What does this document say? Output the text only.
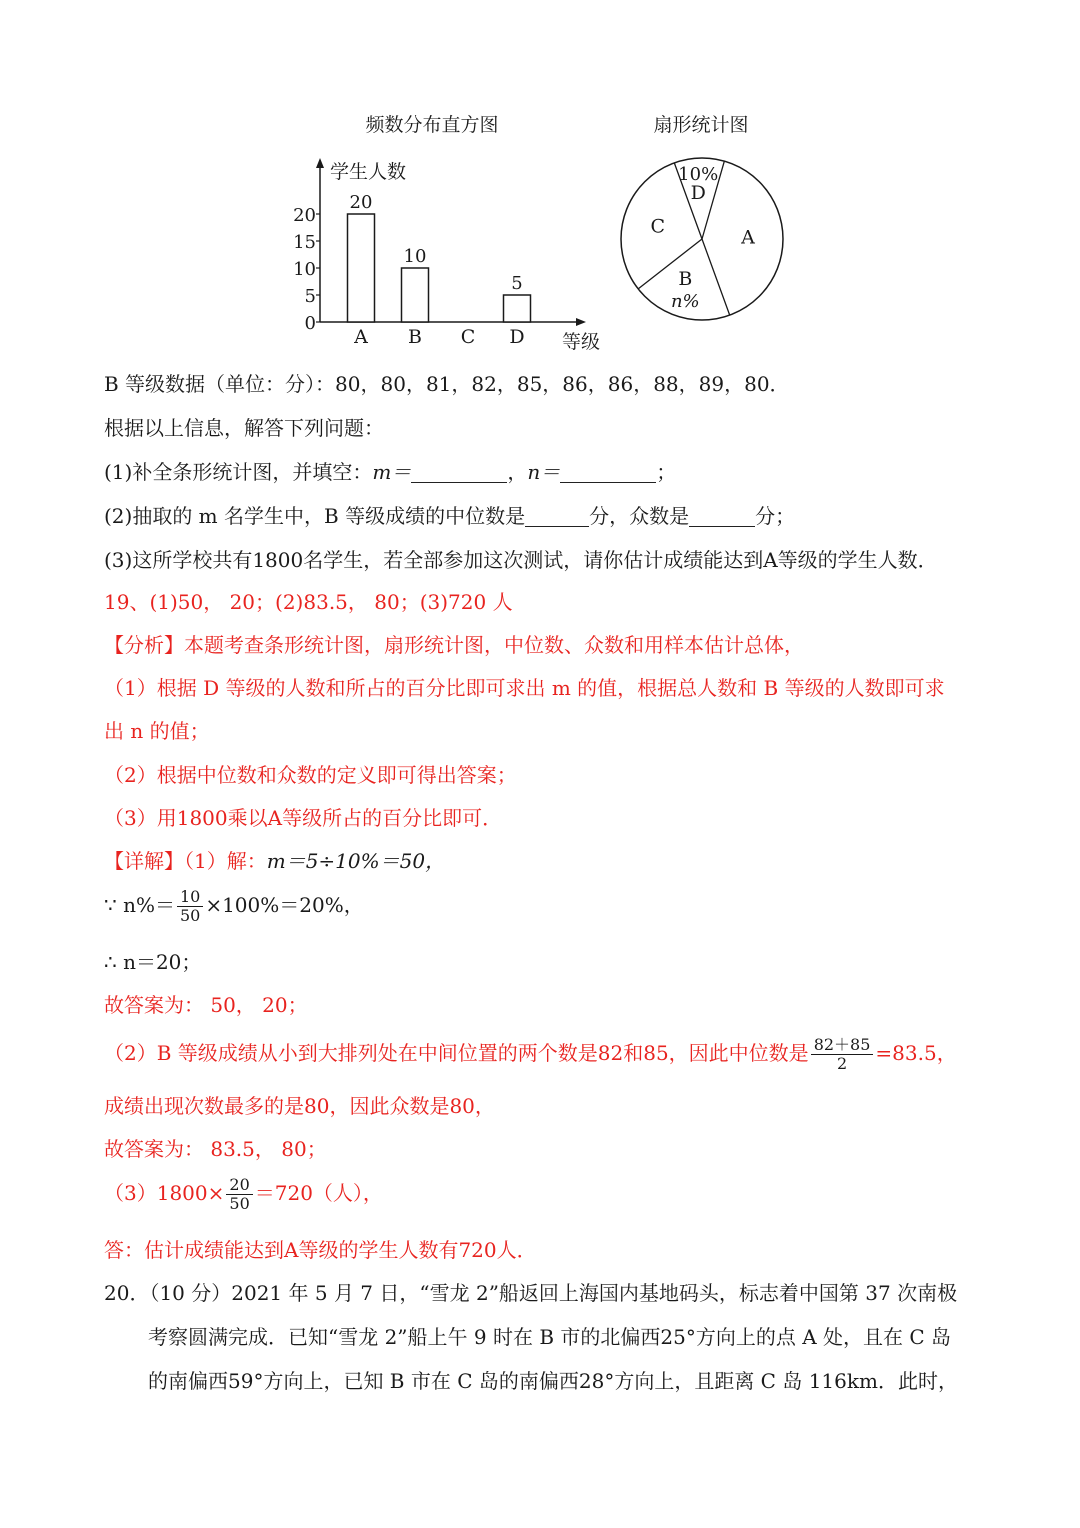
频数分布直方图
学生人数
等级
0
5
10
15
20
20
A
10
B C
5
D
扇形统计图
10%
D
A
B
n%
C

B 等级数据（单位：分）：80，80，81，82，85，86，86，88，89，80．

根据以上信息，解答下列问题：

(1)补全条形统计图，并填空：m＝	，n＝	；

(2)抽取的 m 名学生中，B 等级成绩的中位数是	分，众数是	分；

(3)这所学校共有1800名学生，若全部参加这次测试，请你估计成绩能达到A等级的学生人数．

19、(1)50， 20；(2)83.5， 80；(3)720 人

【分析】本题考查条形统计图，扇形统计图，中位数、众数和用样本估计总体，

（1）根据 D 等级的人数和所占的百分比即可求出 m 的值，根据总人数和 B 等级的人数即可求

出 n 的值；

（2）根据中位数和众数的定义即可得出答案；

（3）用1800乘以A等级所占的百分比即可．

【详解】（1）解：m＝5÷10%＝50，

∵ $n\%= \frac{10}{50} \times 100\%=20\%$，

∴ n＝20；

故答案为： 50， 20；

（2）B 等级成绩从小到大排列处在中间位置的两个数是82和85，因此中位数是 $\frac{82+85}{2} =83.5$，

成绩出现次数最多的是80，因此众数是80，

故答案为： 83.5， 80；

$(3)1800\times \frac{20}{50} =720$（人），

答：估计成绩能达到A等级的学生人数有720人．

20．（10 分）2021 年 5 月 7 日，“雪龙 2”船返回上海国内基地码头，标志着中国第 37 次南极

考察圆满完成．已知“雪龙 2”船上午 9 时在 B 市的北偏西25°方向上的点 A 处，且在 C 岛

的南偏西59°方向上，已知 B 市在 C 岛的南偏西28°方向上，且距离 C 岛 116km．此时，
